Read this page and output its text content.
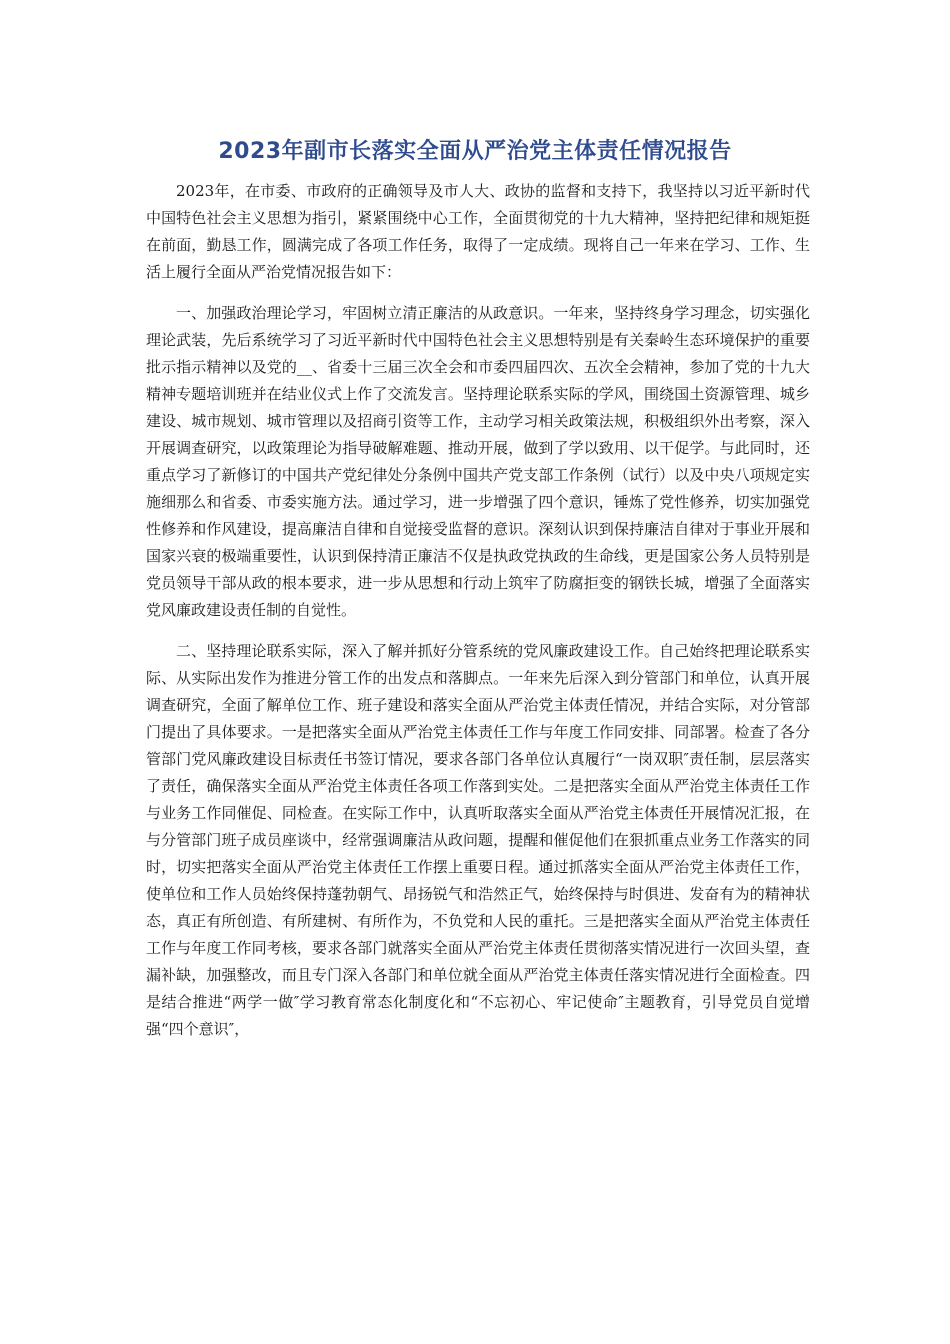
2023年副市长落实全面从严治党主体责任情况报告

2023年，在市委、市政府的正确领导及市人大、政协的监督和支持下，我坚持以习近平新时代中国特色社会主义思想为指引，紧紧围绕中心工作，全面贯彻党的十九大精神，坚持把纪律和规矩挺在前面，勤恳工作，圆满完成了各项工作任务，取得了一定成绩。现将自己一年来在学习、工作、生活上履行全面从严治党情况报告如下：

一、加强政治理论学习，牢固树立清正廉洁的从政意识。一年来，坚持终身学习理念，切实强化理论武装，先后系统学习了习近平新时代中国特色社会主义思想特别是有关秦岭生态环境保护的重要批示指示精神以及党的__、省委十三届三次全会和市委四届四次、五次全会精神，参加了党的十九大精神专题培训班并在结业仪式上作了交流发言。坚持理论联系实际的学风，围绕国土资源管理、城乡建设、城市规划、城市管理以及招商引资等工作，主动学习相关政策法规，积极组织外出考察，深入开展调查研究，以政策理论为指导破解难题、推动开展，做到了学以致用、以干促学。与此同时，还重点学习了新修订的中国共产党纪律处分条例中国共产党支部工作条例（试行）以及中央八项规定实施细那么和省委、市委实施方法。通过学习，进一步增强了四个意识，锤炼了党性修养，切实加强党性修养和作风建设，提高廉洁自律和自觉接受监督的意识。深刻认识到保持廉洁自律对于事业开展和国家兴衰的极端重要性，认识到保持清正廉洁不仅是执政党执政的生命线，更是国家公务人员特别是党员领导干部从政的根本要求，进一步从思想和行动上筑牢了防腐拒变的钢铁长城，增强了全面落实党风廉政建设责任制的自觉性。

二、坚持理论联系实际，深入了解并抓好分管系统的党风廉政建设工作。自己始终把理论联系实际、从实际出发作为推进分管工作的出发点和落脚点。一年来先后深入到分管部门和单位，认真开展调查研究，全面了解单位工作、班子建设和落实全面从严治党主体责任情况，并结合实际，对分管部门提出了具体要求。一是把落实全面从严治党主体责任工作与年度工作同安排、同部署。检查了各分管部门党风廉政建设目标责任书签订情况，要求各部门各单位认真履行“一岗双职″责任制，层层落实了责任，确保落实全面从严治党主体责任各项工作落到实处。二是把落实全面从严治党主体责任工作与业务工作同催促、同检查。在实际工作中，认真听取落实全面从严治党主体责任开展情况汇报，在与分管部门班子成员座谈中，经常强调廉洁从政问题，提醒和催促他们在狠抓重点业务工作落实的同时，切实把落实全面从严治党主体责任工作摆上重要日程。通过抓落实全面从严治党主体责任工作，使单位和工作人员始终保持蓬勃朝气、昂扬锐气和浩然正气，始终保持与时俱进、发奋有为的精神状态，真正有所创造、有所建树、有所作为，不负党和人民的重托。三是把落实全面从严治党主体责任工作与年度工作同考核，要求各部门就落实全面从严治党主体责任贯彻落实情况进行一次回头望，查漏补缺，加强整改，而且专门深入各部门和单位就全面从严治党主体责任落实情况进行全面检查。四是结合推进“两学一做″学习教育常态化制度化和“不忘初心、牢记使命″主题教育，引导党员自觉增强“四个意识″，
